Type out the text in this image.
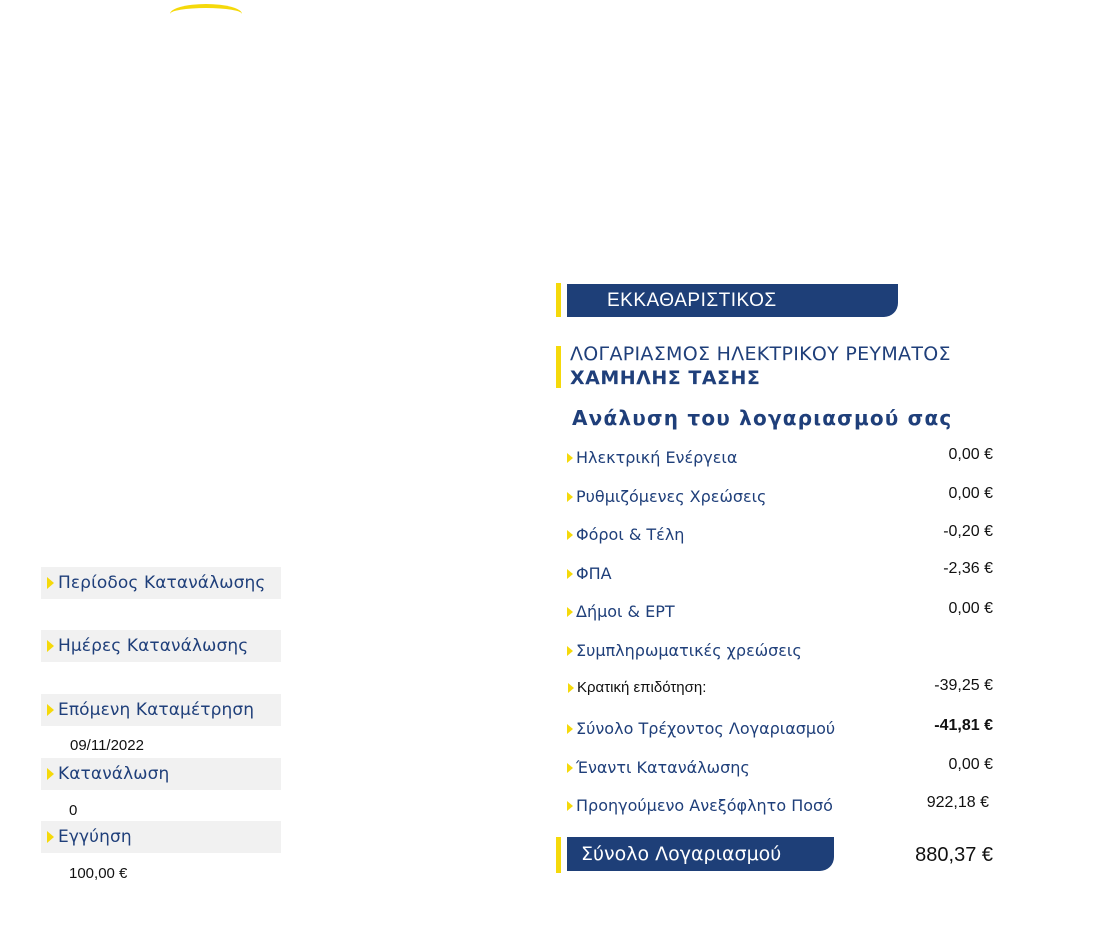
Περίοδος Κατανάλωσης
Ημέρες Κατανάλωσης
Επόμενη Καταμέτρηση
09/11/2022
Κατανάλωση
0
Εγγύηση
100,00 €
ΕΚΚΑΘΑΡΙΣΤΙΚΟΣ
ΛΟΓΑΡΙΑΣΜΟΣ ΗΛΕΚΤΡΙΚΟΥ ΡΕΥΜΑΤΟΣ
ΧΑΜΗΛΗΣ ΤΑΣΗΣ
Ανάλυση του λογαριασμού σας
Ηλεκτρική Ενέργεια	0,00 €
Ρυθμιζόμενες Χρεώσεις	0,00 €
Φόροι & Τέλη	-0,20 €
ΦΠΑ	-2,36 €
Δήμοι & ΕΡΤ	0,00 €
Συμπληρωματικές χρεώσεις
Κρατική επιδότηση:	-39,25 €
Σύνολο Τρέχοντος Λογαριασμού	-41,81 €
Έναντι Κατανάλωσης	0,00 €
Προηγούμενο Ανεξόφλητο Ποσό	922,18 €
Σύνολο Λογαριασμού	880,37 €
